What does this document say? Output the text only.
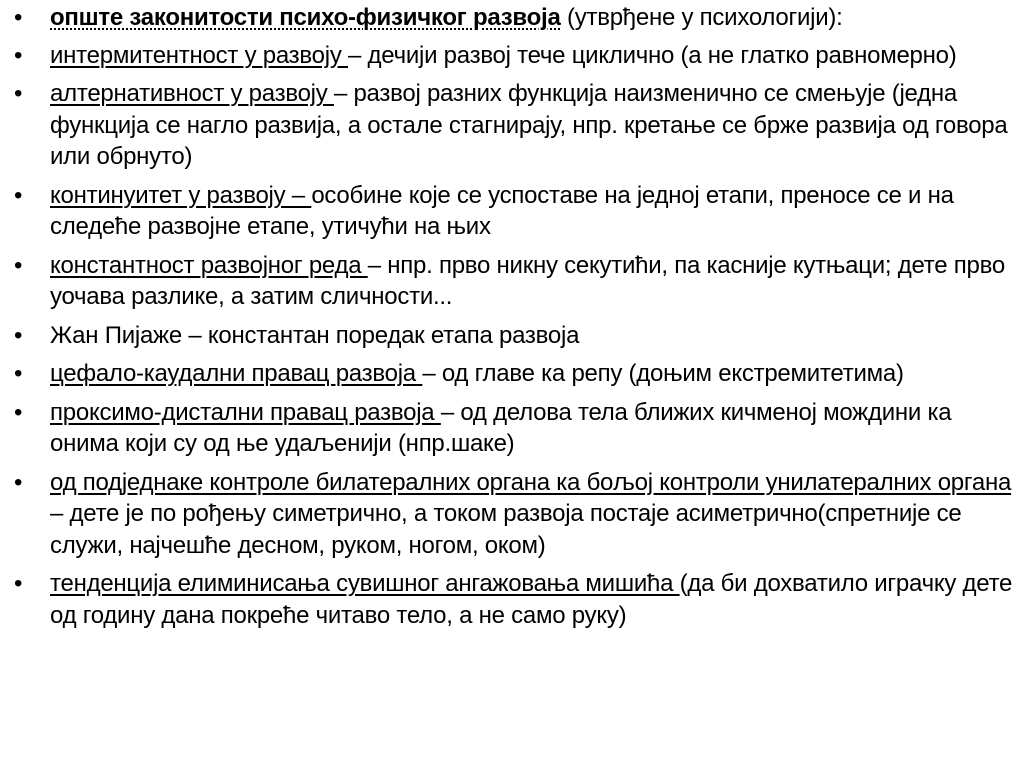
• опште законитости психо-физичког развоја (утврђене у психологији):
• интермитентност у развоју – дечији развој тече циклично (а не глатко равномерно)
• алтернативност у развоју – развој разних функција наизменично се смењује (једна функција се нагло развија, а остале стагнирају, нпр. кретање се брже развија од говора или обрнуто)
• континуитет у развоју – особине које се успоставе на једној етапи, преносе се и на следеће развојне етапе, утичући на њих
• константност развојног реда – нпр. прво никну секутићи, па касније кутњаци; дете прво уочава разлике, а затим сличности...
• Жан Пијаже – константан поредак етапа развоја
• цефало-каудални правац развоја – од главе ка репу (доњим екстремитетима)
• проксимо-дистални правац развоја – од делова тела ближих кичменој мождини ка онима који су од ње удаљенији (нпр.шаке)
• од подједнаке контроле билатералних органа ка бољој контроли унилатералних органа – дете је по рођењу симетрично, а током развоја постаје асиметрично(спретније се служи, најчешће десном, руком, ногом, оком)
• тенденција елиминисања сувишног ангажовања мишића (да би дохватило играчку дете од годину дана покреће читаво тело, а не само руку)
